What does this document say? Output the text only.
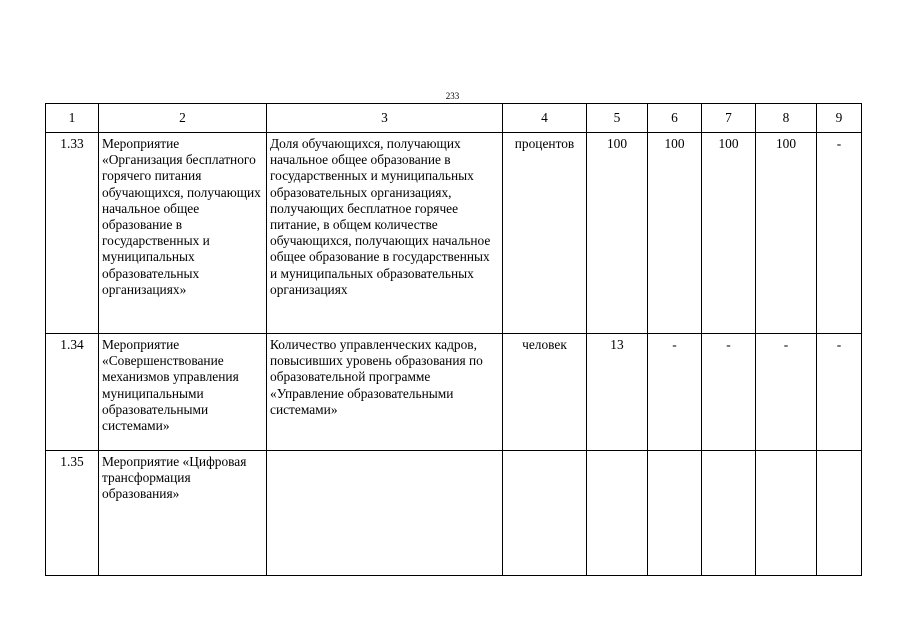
233
1	2	3	4	5	6	7	8	9
1.33	Мероприятие «Организация бесплатного горячего питания обучающихся, получающих начальное общее образование в государственных и муниципальных образовательных организациях»	Доля обучающихся, получающих начальное общее образование в государственных и муниципальных образовательных организациях, получающих бесплатное горячее питание, в общем количестве обучающихся, получающих начальное общее образование в государственных и муниципальных образовательных организациях	процентов	100	100	100	100	-
1.34	Мероприятие «Совершенствование механизмов управления муниципальными образовательными системами»	Количество управленческих кадров, повысивших уровень образования по образовательной программе «Управление образовательными системами»	человек	13	-	-	-	-
1.35	Мероприятие «Цифровая трансформация образования»							
